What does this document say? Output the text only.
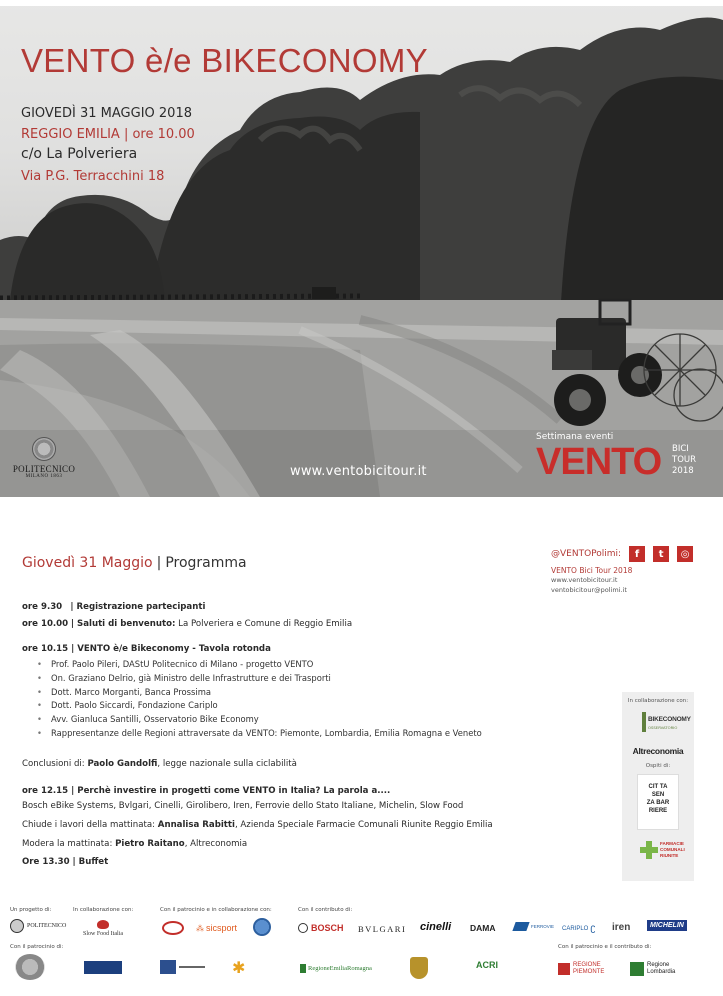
VENTO è/e BIKECONOMY
GIOVEDÌ 31 MAGGIO 2018
REGGIO EMILIA | ore 10.00
c/o La Polveriera
Via P.G. Terracchini 18
POLITECNICO
MILANO 1863	www.ventobicitour.it
Settimana eventi
VENTO BICI
TOUR
2018
Giovedì 31 Maggio | Programma
@VENTOPolimi:	f	t	◎
VENTO Bici Tour 2018
www.ventobicitour.it
ventobicitour@polimi.it
ore 9.30 | Registrazione partecipanti
ore 10.00 | Saluti di benvenuto: La Polveriera e Comune di Reggio Emilia
ore 10.15 | VENTO è/e Bikeconomy - Tavola rotonda
• Prof. Paolo Pileri, DAStU Politecnico di Milano - progetto VENTO
• On. Graziano Delrio, già Ministro delle Infrastrutture e dei Trasporti
• Dott. Marco Morganti, Banca Prossima
• Dott. Paolo Siccardi, Fondazione Cariplo
• Avv. Gianluca Santilli, Osservatorio Bike Economy
• Rappresentanze delle Regioni attraversate da VENTO: Piemonte, Lombardia, Emilia Romagna e Veneto
Conclusioni di: Paolo Gandolfi, legge nazionale sulla ciclabilità
ore 12.15 | Perchè investire in progetti come VENTO in Italia? La parola a....
Bosch eBike Systems, Bvlgari, Cinelli, Girolibero, Iren, Ferrovie dello Stato Italiane, Michelin, Slow Food
Chiude i lavori della mattinata: Annalisa Rabitti, Azienda Speciale Farmacie Comunali Riunite Reggio Emilia
Modera la mattinata: Pietro Raitano, Altreconomia
Ore 13.30 | Buffet
In collaborazione con:
BIKECONOMY
OSSERVATORIO
Altreconomia
Ospiti di:
CIT TA
SEN
ZA BAR
RIERE
FARMACIE
COMUNALI
RIUNITE
Un progetto di:	In collaborazione con:	Con il patrocinio e in collaborazione con:	Con il contributo di:
Con il patrocinio di:	Con il patrocinio e il contributo di:
POLITECNICO
Slow Food Italia
⁂ sicsport	BOSCH BVLGARI cinelli DAMA	FERROVIE CARIPLO ʗ iren	MICHELIN
✱	RegioneEmiliaRomagna	ACRI	REGIONE PIEMONTE
Regione
Lombardia
